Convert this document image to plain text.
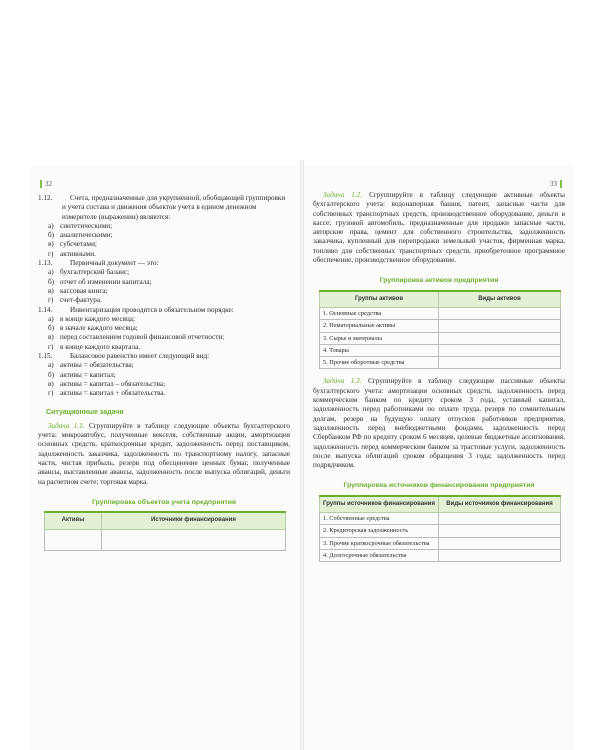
32	33
1.12.	Счета, предназначенные для укрупненной, обобщающей группировки и учета состава и движения объектов учета в едином денежном измерителе (выражении) являются:
а) синтетическими;
б) аналитическими;
в) субсчетами;
г) активными.
1.13.	Первичный документ — это:
а) бухгалтерский баланс;
б) отчет об изменении капитала;
в) кассовая книга;
г) счет-фактура.
1.14.	Инвентаризация проводится в обязательном порядке:
а) в конце каждого месяца;
б) в начале каждого месяца;
в) перед составлением годовой финансовой отчетности;
г) в конце каждого квартала.
1.15.	Балансовое равенство имеет следующий вид:
а) активы = обязательства;
б) активы = капитал;
в) активы = капитал – обязательства;
г) активы = капитал + обязательства.
Ситуационные задачи
Задача 1.1. Сгруппируйте в таблицу следующие объекты бухгалтерского учета: микроавтобус, полученные векселя, собственные акции, амортизация основных средств, краткосрочные кредит, задолженность перед поставщиком, задолженность заказчика, задолженность по транспортному налогу, запасные части, чистая прибыль, резерв под обесценение ценных бумаг, полученные авансы, выставленные авансы, задолженность после выпуска облигаций, деньги на расчетном счете; торговая марка.
Группировка объектов учета предприятия
Активы	Источники финансирования

Задача 1.2. Сгруппируйте в таблицу следующие активные объекты бухгалтерского учета: водонапорная башня, патент, запасные части для собственных транспортных средств, производственное оборудование, деньги в кассе; грузовой автомобиль, предназначенные для продажи запасные части, авторские права, цемент для собственного строительства, задолженность заказчика, купленный для перепродажи земельный участок, фирменная марка, топливо для собственных транспортных средств, приобретенное программное обеспечение, производственное оборудование.
Группировка активов предприятия
Группы активов	Виды активов
1. Основные средства	
2. Нематериальные активы	
3. Сырье и материалы	
4. Товары	
5. Прочие оборотные средства	
Задача 1.3. Сгруппируйте в таблицу следующие пассивные объекты бухгалтерского учета: амортизация основных средств, задолженность перед коммерческим банком по кредиту сроком 3 года, уставный капитал, задолженность перед работниками по оплате труда, резерв по сомнительным долгам, резерв на будущую оплату отпусков работников предприятия, задолженность перед внебюджетными фондами, задолженность перед Сбербанком РФ по кредиту сроком 6 месяцев, целевые бюджетные ассигнования, задолженность перед коммерческим банком за трастовые услуги, задолженность после выпуска облигаций сроком обращения 3 года; задолженность перед подрядчиком.
Группировка источников финансирования предприятия
Группы источников финансирования	Виды источников финансирования
1. Собственные средства	
2. Кредиторская задолженность	
3. Прочие краткосрочные обязательства	
4. Долгосрочные обязательства	
